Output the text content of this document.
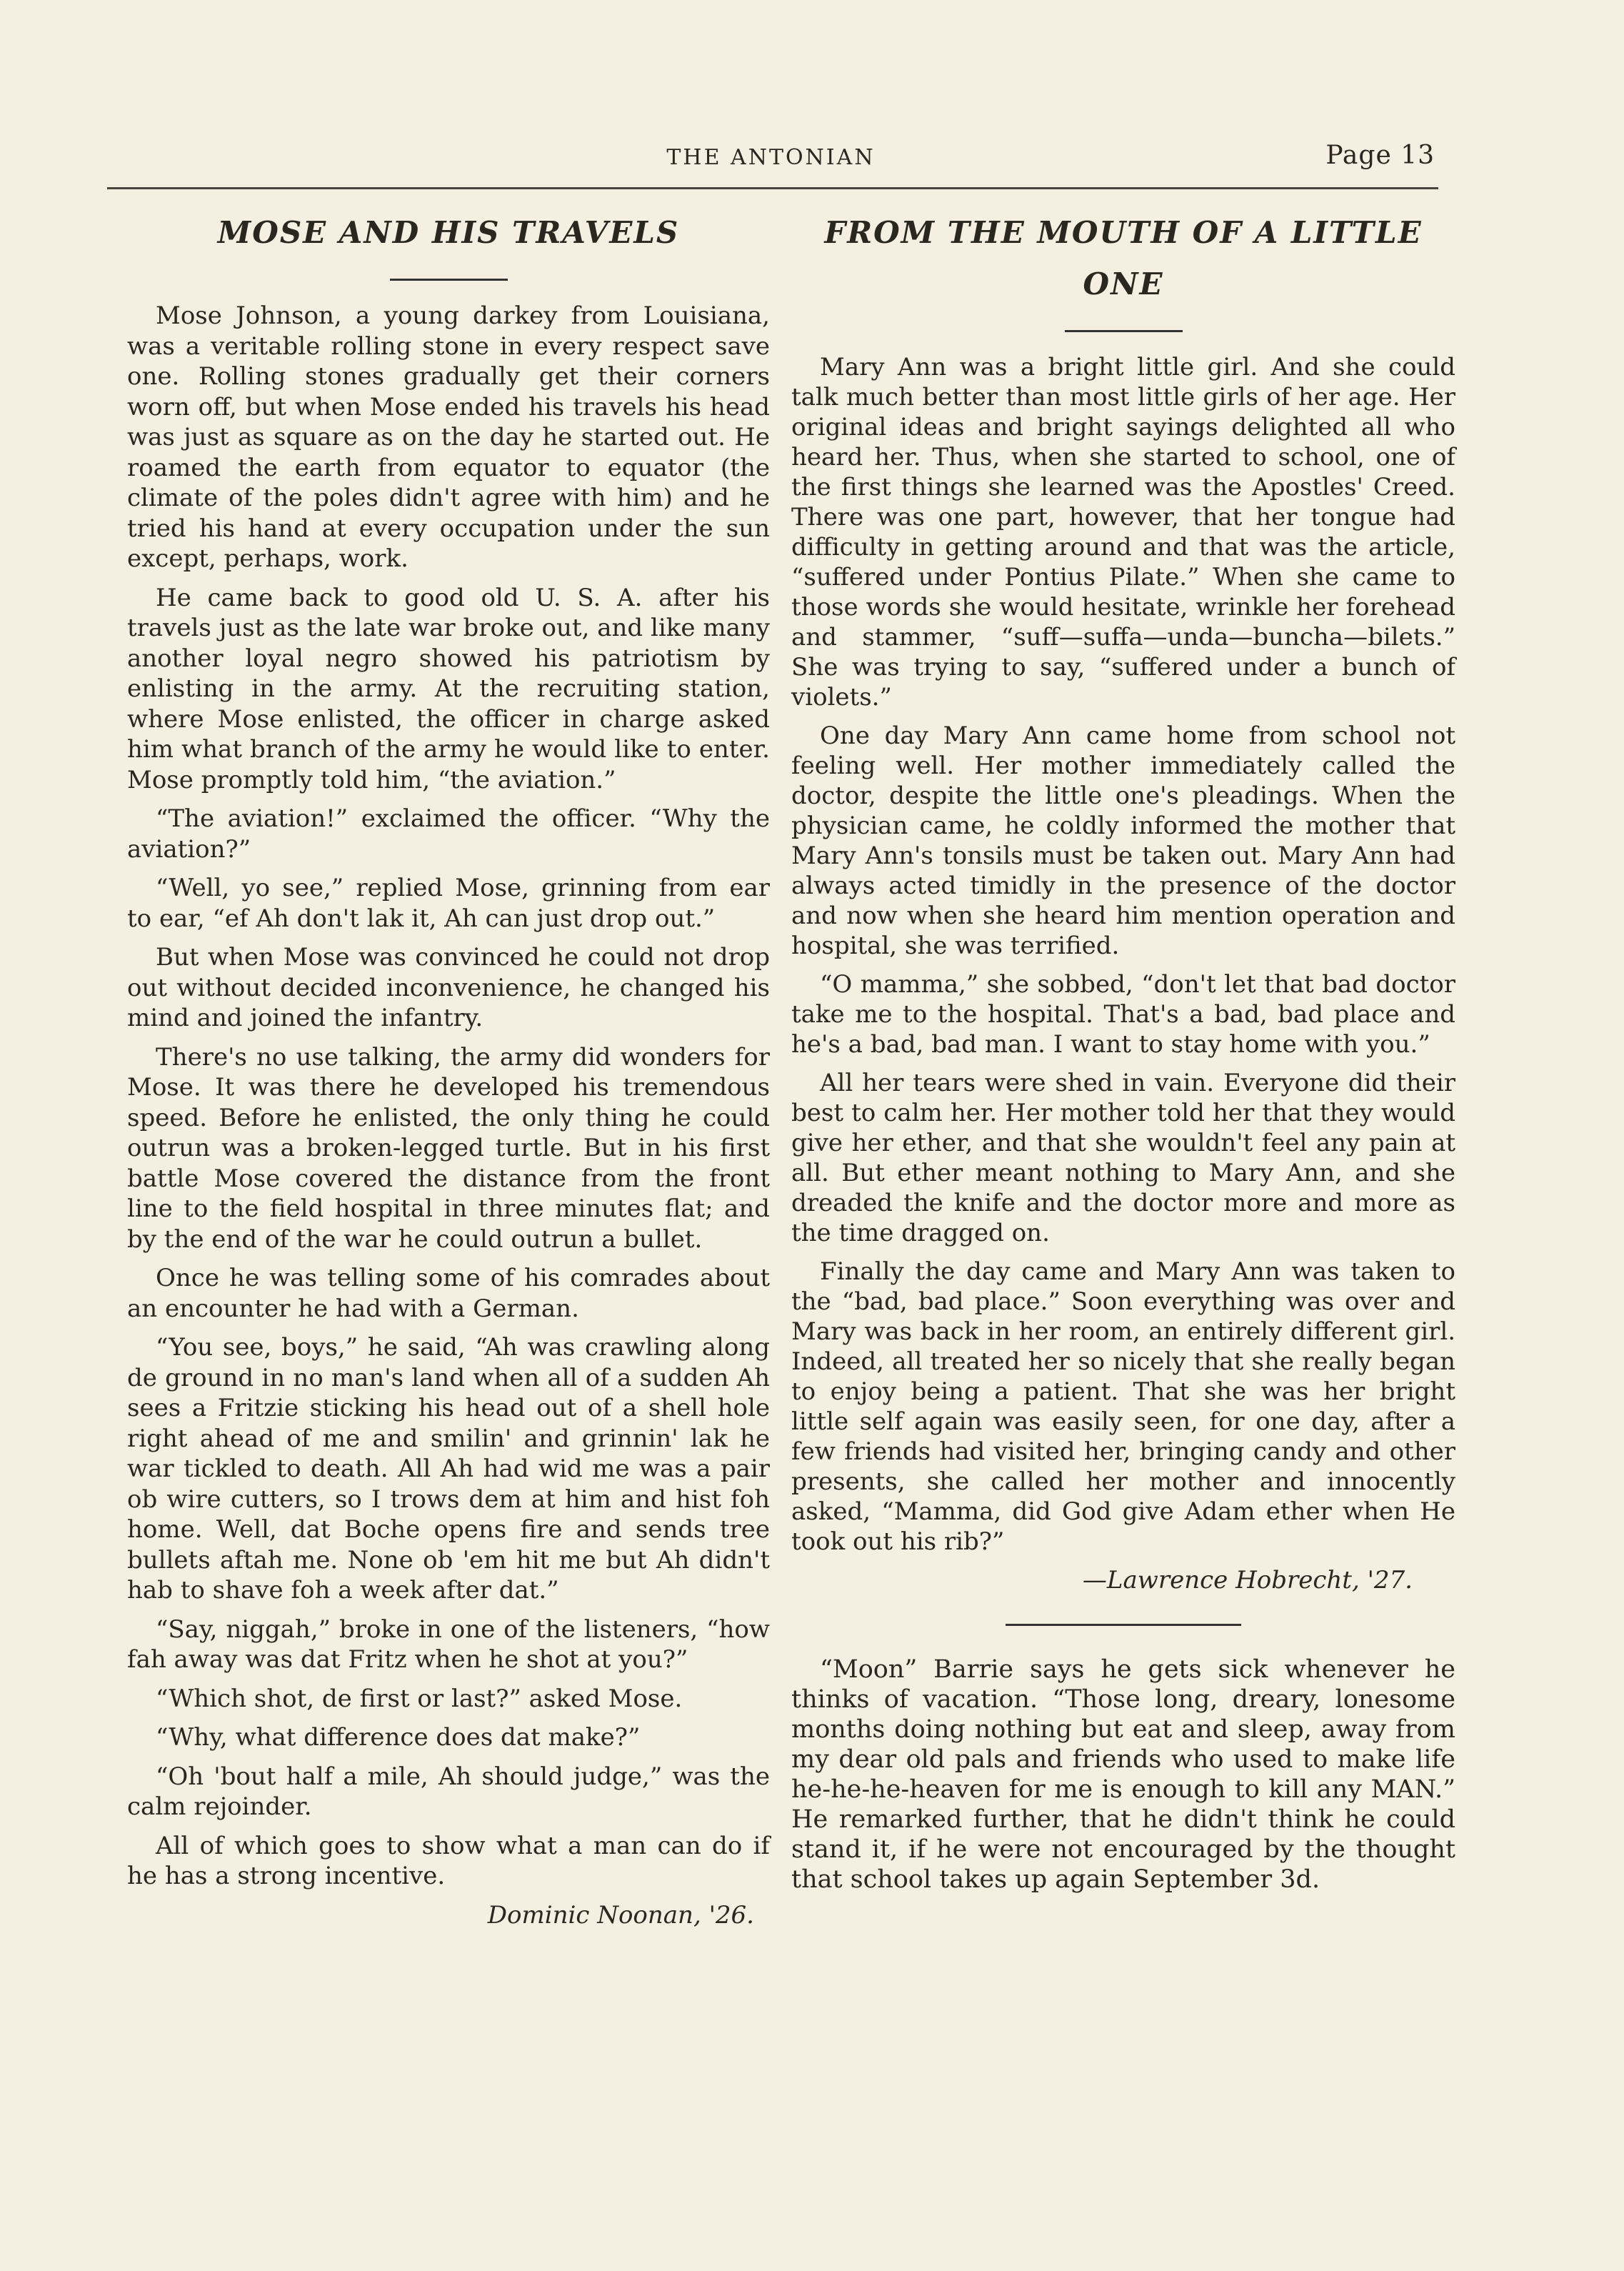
THE ANTONIAN	Page 13
MOSE AND HIS TRAVELS

Mose Johnson, a young darkey from Louisiana, was a veritable rolling stone in every respect save one. Rolling stones gradually get their corners worn off, but when Mose ended his travels his head was just as square as on the day he started out. He roamed the earth from equator to equator (the climate of the poles didn't agree with him) and he tried his hand at every occupation under the sun except, perhaps, work.

He came back to good old U. S. A. after his travels just as the late war broke out, and like many another loyal negro showed his patriotism by enlisting in the army. At the recruiting station, where Mose enlisted, the officer in charge asked him what branch of the army he would like to enter. Mose promptly told him, “the aviation.”

“The aviation!” exclaimed the officer. “Why the aviation?”

“Well, yo see,” replied Mose, grinning from ear to ear, “ef Ah don't lak it, Ah can just drop out.”

But when Mose was convinced he could not drop out without decided inconvenience, he changed his mind and joined the infantry.

There's no use talking, the army did wonders for Mose. It was there he developed his tremendous speed. Before he enlisted, the only thing he could outrun was a broken-legged turtle. But in his first battle Mose covered the distance from the front line to the field hospital in three minutes flat; and by the end of the war he could outrun a bullet.

Once he was telling some of his comrades about an encounter he had with a German.

“You see, boys,” he said, “Ah was crawling along de ground in no man's land when all of a sudden Ah sees a Fritzie sticking his head out of a shell hole right ahead of me and smilin' and grinnin' lak he war tickled to death. All Ah had wid me was a pair ob wire cutters, so I trows dem at him and hist foh home. Well, dat Boche opens fire and sends tree bullets aftah me. None ob 'em hit me but Ah didn't hab to shave foh a week after dat.”

“Say, niggah,” broke in one of the listeners, “how fah away was dat Fritz when he shot at you?”

“Which shot, de first or last?” asked Mose.

“Why, what difference does dat make?”

“Oh 'bout half a mile, Ah should judge,” was the calm rejoinder.

All of which goes to show what a man can do if he has a strong incentive.

Dominic Noonan, '26.

FROM THE MOUTH OF A LITTLE ONE

Mary Ann was a bright little girl. And she could talk much better than most little girls of her age. Her original ideas and bright sayings delighted all who heard her. Thus, when she started to school, one of the first things she learned was the Apostles' Creed. There was one part, however, that her tongue had difficulty in getting around and that was the article, “suffered under Pontius Pilate.” When she came to those words she would hesitate, wrinkle her forehead and stammer, “suff—suffa—unda—buncha—bilets.” She was trying to say, “suffered under a bunch of violets.”

One day Mary Ann came home from school not feeling well. Her mother immediately called the doctor, despite the little one's pleadings. When the physician came, he coldly informed the mother that Mary Ann's tonsils must be taken out. Mary Ann had always acted timidly in the presence of the doctor and now when she heard him mention operation and hospital, she was terrified.

“O mamma,” she sobbed, “don't let that bad doctor take me to the hospital. That's a bad, bad place and he's a bad, bad man. I want to stay home with you.”

All her tears were shed in vain. Everyone did their best to calm her. Her mother told her that they would give her ether, and that she wouldn't feel any pain at all. But ether meant nothing to Mary Ann, and she dreaded the knife and the doctor more and more as the time dragged on.

Finally the day came and Mary Ann was taken to the “bad, bad place.” Soon everything was over and Mary was back in her room, an entirely different girl. Indeed, all treated her so nicely that she really began to enjoy being a patient. That she was her bright little self again was easily seen, for one day, after a few friends had visited her, bringing candy and other presents, she called her mother and innocently asked, “Mamma, did God give Adam ether when He took out his rib?”

—Lawrence Hobrecht, '27.

“Moon” Barrie says he gets sick whenever he thinks of vacation. “Those long, dreary, lonesome months doing nothing but eat and sleep, away from my dear old pals and friends who used to make life he-he-he-heaven for me is enough to kill any MAN.” He remarked further, that he didn't think he could stand it, if he were not encouraged by the thought that school takes up again September 3d.
